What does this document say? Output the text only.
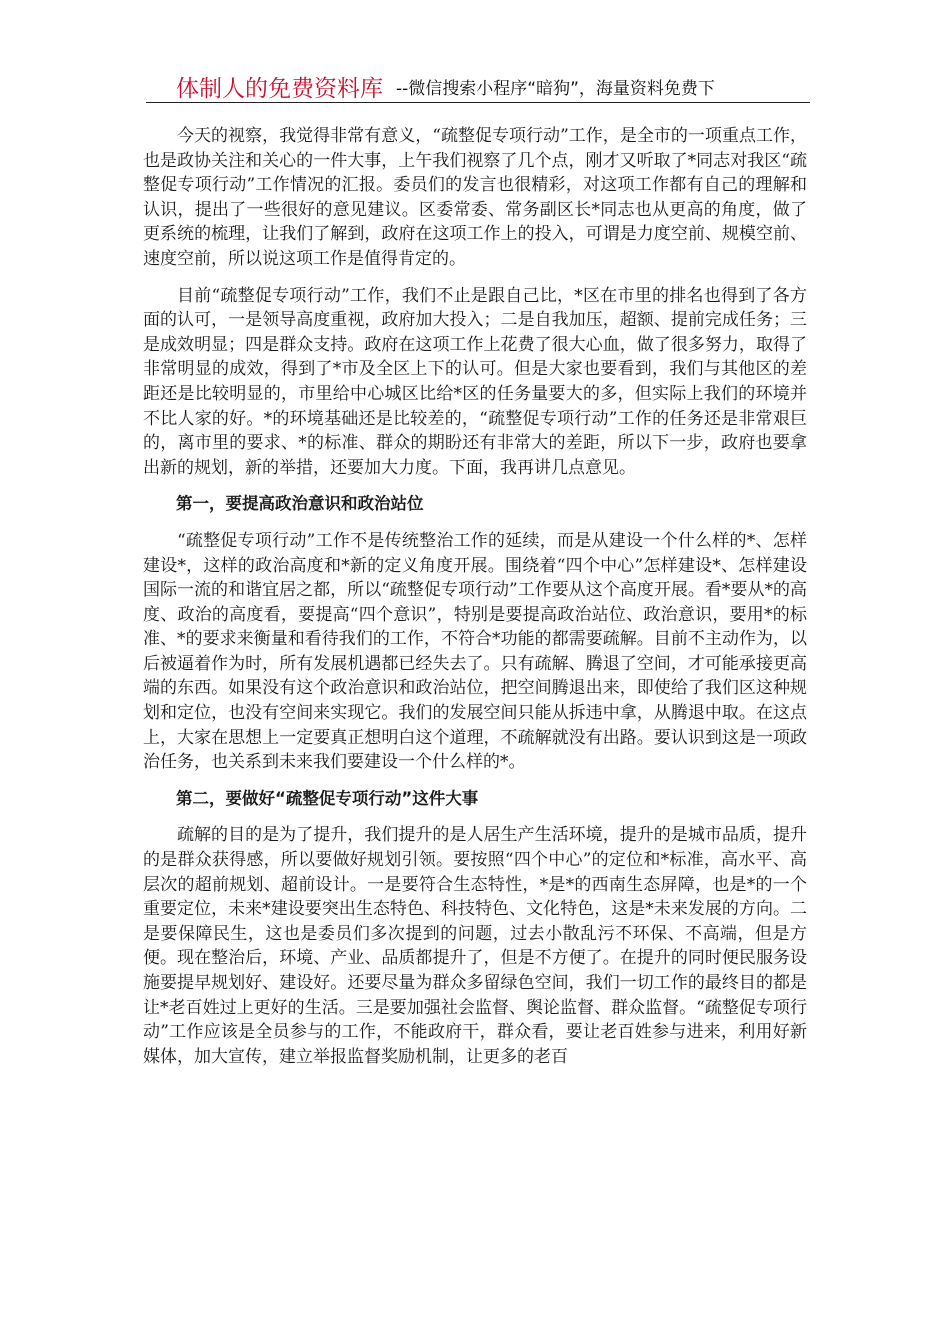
体制人的免费资料库 --微信搜索小程序“暗狗”，海量资料免费下

今天的视察，我觉得非常有意义，“疏整促专项行动”工作，是全市的一项重点工作，也是政协关注和关心的一件大事，上午我们视察了几个点，刚才又听取了*同志对我区“疏整促专项行动”工作情况的汇报。委员们的发言也很精彩，对这项工作都有自己的理解和认识，提出了一些很好的意见建议。区委常委、常务副区长*同志也从更高的角度，做了更系统的梳理，让我们了解到，政府在这项工作上的投入，可谓是力度空前、规模空前、速度空前，所以说这项工作是值得肯定的。

目前“疏整促专项行动”工作，我们不止是跟自己比，*区在市里的排名也得到了各方面的认可，一是领导高度重视，政府加大投入；二是自我加压，超额、提前完成任务；三是成效明显；四是群众支持。政府在这项工作上花费了很大心血，做了很多努力，取得了非常明显的成效，得到了*市及全区上下的认可。但是大家也要看到，我们与其他区的差距还是比较明显的，市里给中心城区比给*区的任务量要大的多，但实际上我们的环境并不比人家的好。*的环境基础还是比较差的，“疏整促专项行动”工作的任务还是非常艰巨的，离市里的要求、*的标准、群众的期盼还有非常大的差距，所以下一步，政府也要拿出新的规划，新的举措，还要加大力度。下面，我再讲几点意见。

第一，要提高政治意识和政治站位

“疏整促专项行动”工作不是传统整治工作的延续，而是从建设一个什么样的*、怎样建设*，这样的政治高度和*新的定义角度开展。围绕着“四个中心”怎样建设*、怎样建设国际一流的和谐宜居之都，所以“疏整促专项行动”工作要从这个高度开展。看*要从*的高度、政治的高度看，要提高“四个意识”，特别是要提高政治站位、政治意识，要用*的标准、*的要求来衡量和看待我们的工作，不符合*功能的都需要疏解。目前不主动作为，以后被逼着作为时，所有发展机遇都已经失去了。只有疏解、腾退了空间，才可能承接更高端的东西。如果没有这个政治意识和政治站位，把空间腾退出来，即使给了我们区这种规划和定位，也没有空间来实现它。我们的发展空间只能从拆违中拿，从腾退中取。在这点上，大家在思想上一定要真正想明白这个道理，不疏解就没有出路。要认识到这是一项政治任务，也关系到未来我们要建设一个什么样的*。

第二，要做好“疏整促专项行动”这件大事

疏解的目的是为了提升，我们提升的是人居生产生活环境，提升的是城市品质，提升的是群众获得感，所以要做好规划引领。要按照“四个中心”的定位和*标准，高水平、高层次的超前规划、超前设计。一是要符合生态特性，*是*的西南生态屏障，也是*的一个重要定位，未来*建设要突出生态特色、科技特色、文化特色，这是*未来发展的方向。二是要保障民生，这也是委员们多次提到的问题，过去小散乱污不环保、不高端，但是方便。现在整治后，环境、产业、品质都提升了，但是不方便了。在提升的同时便民服务设施要提早规划好、建设好。还要尽量为群众多留绿色空间，我们一切工作的最终目的都是让*老百姓过上更好的生活。三是要加强社会监督、舆论监督、群众监督。“疏整促专项行动”工作应该是全员参与的工作，不能政府干，群众看，要让老百姓参与进来，利用好新媒体，加大宣传，建立举报监督奖励机制，让更多的老百
